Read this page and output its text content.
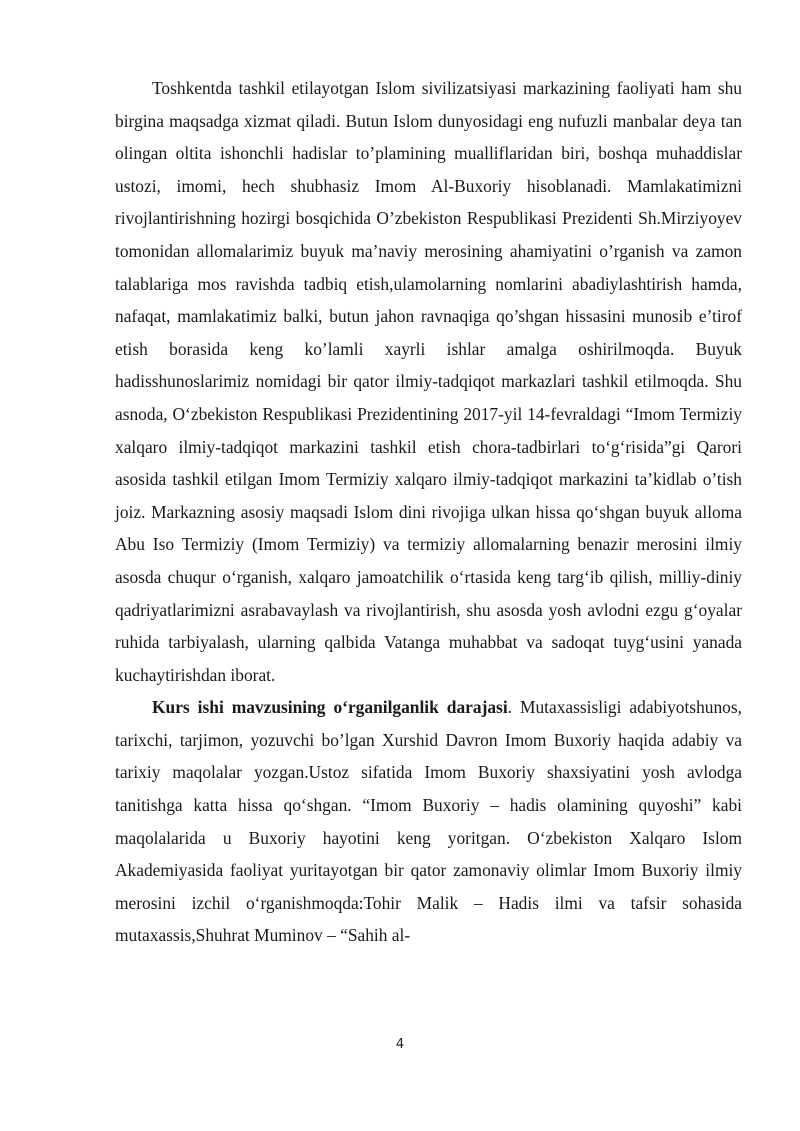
Toshkentda tashkil etilayotgan Islom sivilizatsiyasi markazining faoliyati ham shu birgina maqsadga xizmat qiladi. Butun Islom dunyosidagi eng nufuzli manbalar deya tan olingan oltita ishonchli hadislar to’plamining mualliflaridan biri, boshqa muhaddislar ustozi, imomi, hech shubhasiz Imom Al-Buxoriy hisoblanadi. Mamlakatimizni rivojlantirishning hozirgi bosqichida O’zbekiston Respublikasi Prezidenti Sh.Mirziyoyev tomonidan allomalarimiz buyuk ma’naviy merosining ahamiyatini o’rganish va zamon talablariga mos ravishda tadbiq etish,ulamolarning nomlarini abadiylashtirish hamda, nafaqat, mamlakatimiz balki, butun jahon ravnaqiga qo’shgan hissasini munosib e’tirof etish borasida keng ko’lamli xayrli ishlar amalga oshirilmoqda. Buyuk hadisshunoslarimiz nomidagi bir qator ilmiy-tadqiqot markazlari tashkil etilmoqda. Shu asnoda, O‘zbekiston Respublikasi Prezidentining 2017-yil 14-fevraldagi “Imom Termiziy xalqaro ilmiy-tadqiqot markazini tashkil etish chora-tadbirlari to‘g‘risida”gi Qarori asosida tashkil etilgan Imom Termiziy xalqaro ilmiy-tadqiqot markazini ta’kidlab o’tish joiz. Markazning asosiy maqsadi Islom dini rivojiga ulkan hissa qo‘shgan buyuk alloma Abu Iso Termiziy (Imom Termiziy) va termiziy allomalarning benazir merosini ilmiy asosda chuqur o‘rganish, xalqaro jamoatchilik o‘rtasida keng targ‘ib qilish, milliy-diniy qadriyatlarimizni asrabavaylash va rivojlantirish, shu asosda yosh avlodni ezgu g‘oyalar ruhida tarbiyalash, ularning qalbida Vatanga muhabbat va sadoqat tuyg‘usini yanada kuchaytirishdan iborat.

Kurs ishi mavzusining o‘rganilganlik darajasi. Mutaxassisligi adabiyotshunos, tarixchi, tarjimon, yozuvchi bo’lgan Xurshid Davron Imom Buxoriy haqida adabiy va tarixiy maqolalar yozgan.Ustoz sifatida Imom Buxoriy shaxsiyatini yosh avlodga tanitishga katta hissa qo‘shgan. “Imom Buxoriy – hadis olamining quyoshi” kabi maqolalarida u Buxoriy hayotini keng yoritgan. O‘zbekiston Xalqaro Islom Akademiyasida faoliyat yuritayotgan bir qator zamonaviy olimlar Imom Buxoriy ilmiy merosini izchil o‘rganishmoqda:Tohir Malik – Hadis ilmi va tafsir sohasida mutaxassis,Shuhrat Muminov – “Sahih al-

4
